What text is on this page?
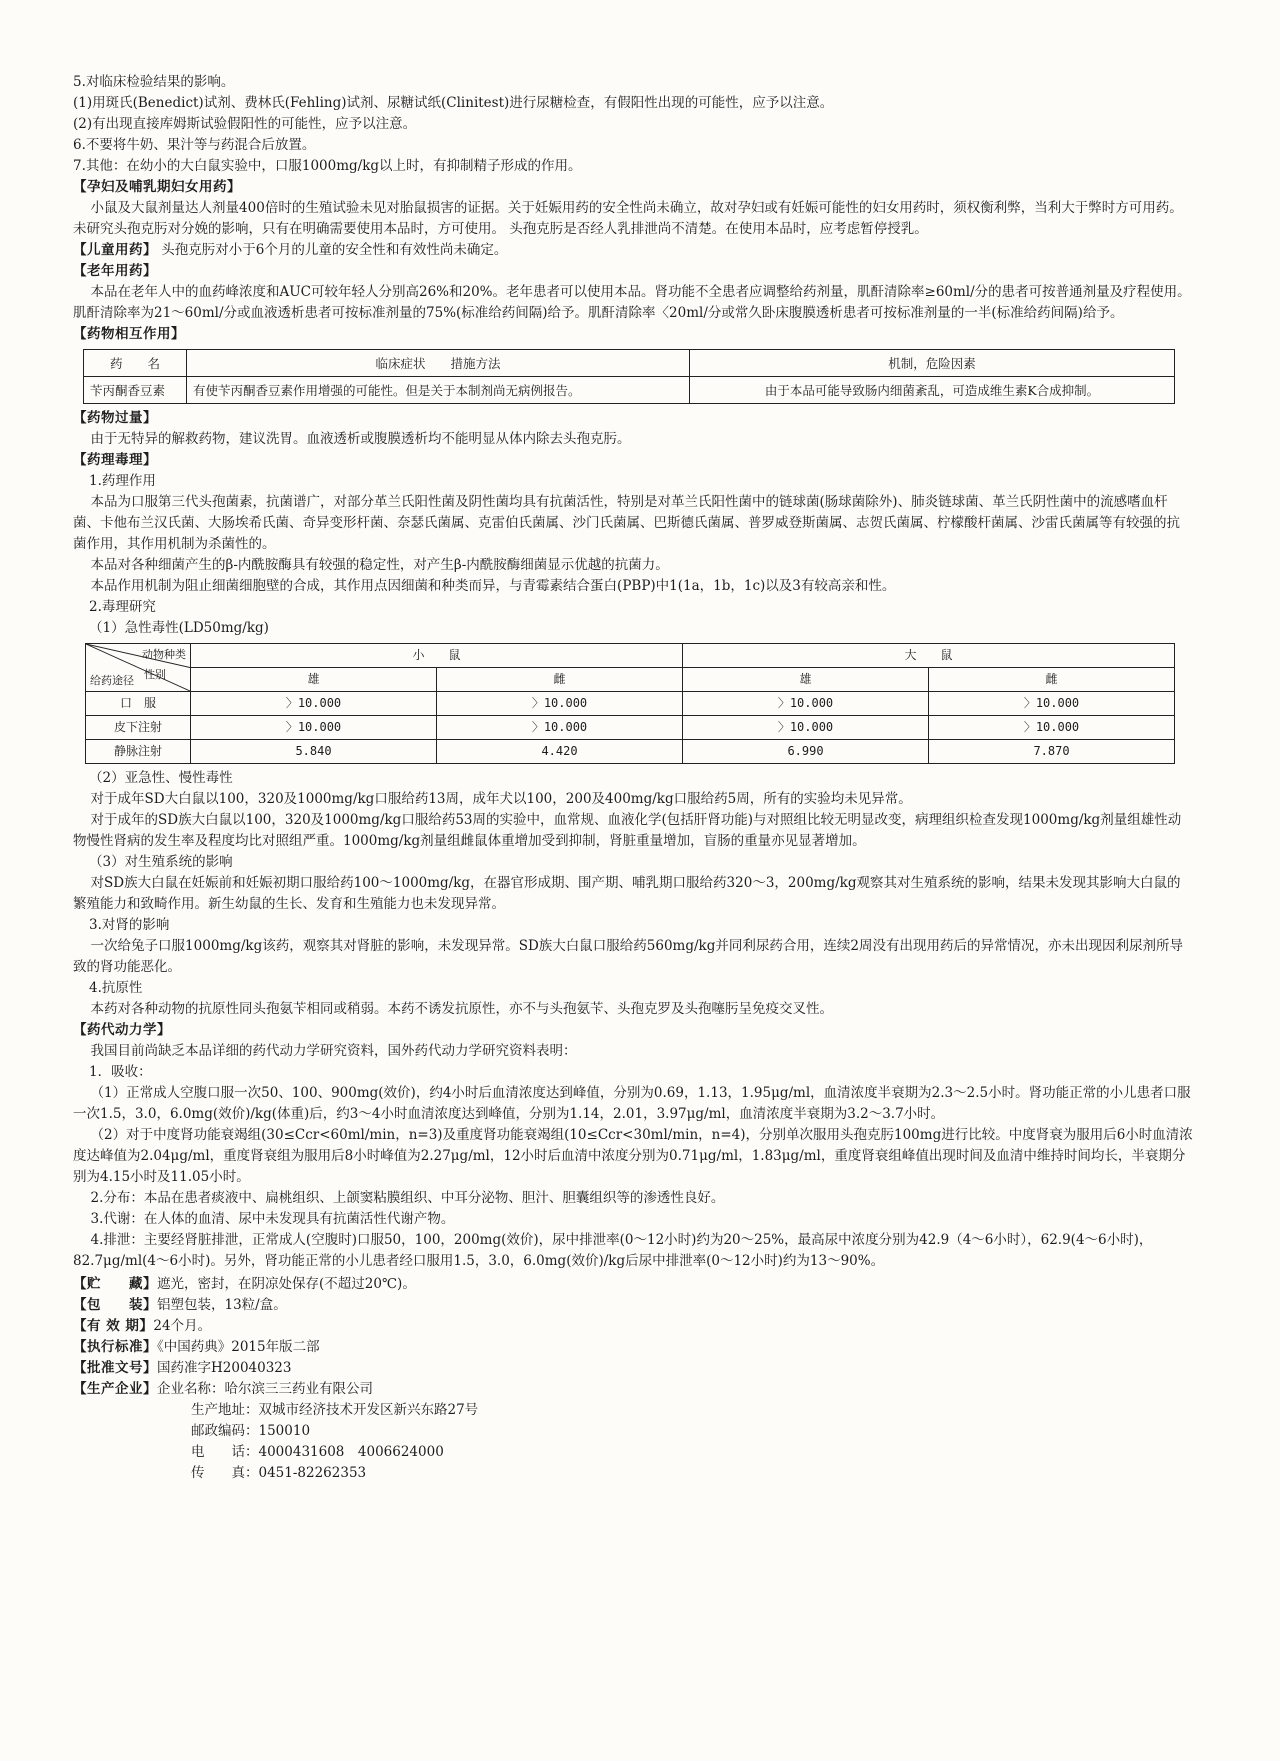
5.对临床检验结果的影响。

(1)用斑氏(Benedict)试剂、费林氏(Fehling)试剂、尿糖试纸(Clinitest)进行尿糖检查，有假阳性出现的可能性，应予以注意。

(2)有出现直接库姆斯试验假阳性的可能性，应予以注意。

6.不要将牛奶、果汁等与药混合后放置。

7.其他：在幼小的大白鼠实验中，口服1000mg/kg以上时，有抑制精子形成的作用。

【孕妇及哺乳期妇女用药】

小鼠及大鼠剂量达人剂量400倍时的生殖试验未见对胎鼠损害的证据。关于妊娠用药的安全性尚未确立，故对孕妇或有妊娠可能性的妇女用药时，须权衡利弊，当利大于弊时方可用药。未研究头孢克肟对分娩的影响，只有在明确需要使用本品时，方可使用。 头孢克肟是否经人乳排泄尚不清楚。在使用本品时，应考虑暂停授乳。

【儿童用药】 头孢克肟对小于6个月的儿童的安全性和有效性尚未确定。

【老年用药】

本品在老年人中的血药峰浓度和AUC可较年轻人分别高26%和20%。老年患者可以使用本品。肾功能不全患者应调整给药剂量，肌酐清除率≥60ml/分的患者可按普通剂量及疗程使用。肌酐清除率为21～60ml/分或血液透析患者可按标准剂量的75%(标准给药间隔)给予。肌酐清除率〈20ml/分或常久卧床腹膜透析患者可按标准剂量的一半(标准给药间隔)给予。

【药物相互作用】

药　　名	临床症状　　措施方法	机制，危险因素
苄丙酮香豆素	有使苄丙酮香豆素作用增强的可能性。但是关于本制剂尚无病例报告。	由于本品可能导致肠内细菌紊乱，可造成维生素K合成抑制。

【药物过量】

由于无特异的解救药物，建议洗胃。血液透析或腹膜透析均不能明显从体内除去头孢克肟。

【药理毒理】

1.药理作用

本品为口服第三代头孢菌素，抗菌谱广，对部分革兰氏阳性菌及阴性菌均具有抗菌活性，特别是对革兰氏阳性菌中的链球菌(肠球菌除外)、肺炎链球菌、革兰氏阴性菌中的流感嗜血杆菌、卡他布兰汉氏菌、大肠埃希氏菌、奇异变形杆菌、奈瑟氏菌属、克雷伯氏菌属、沙门氏菌属、巴斯德氏菌属、普罗威登斯菌属、志贺氏菌属、柠檬酸杆菌属、沙雷氏菌属等有较强的抗菌作用，其作用机制为杀菌性的。

本品对各种细菌产生的β-内酰胺酶具有较强的稳定性，对产生β-内酰胺酶细菌显示优越的抗菌力。

本品作用机制为阻止细菌细胞壁的合成，其作用点因细菌和种类而异，与青霉素结合蛋白(PBP)中1(1a，1b，1c)以及3有较高亲和性。

2.毒理研究

（1）急性毒性(LD50mg/kg)

动物种类
性别
给药途径	小　　鼠		大　　鼠	
	雄	雌	雄	雌
口　服	〉10.000	〉10.000	〉10.000	〉10.000
皮下注射	〉10.000	〉10.000	〉10.000	〉10.000
静脉注射	5.840	4.420	6.990	7.870

（2）亚急性、慢性毒性

对于成年SD大白鼠以100，320及1000mg/kg口服给药13周，成年犬以100，200及400mg/kg口服给药5周，所有的实验均未见异常。

对于成年的SD族大白鼠以100，320及1000mg/kg口服给药53周的实验中，血常规、血液化学(包括肝肾功能)与对照组比较无明显改变，病理组织检查发现1000mg/kg剂量组雄性动物慢性肾病的发生率及程度均比对照组严重。1000mg/kg剂量组雌鼠体重增加受到抑制，肾脏重量增加，盲肠的重量亦见显著增加。

（3）对生殖系统的影响

对SD族大白鼠在妊娠前和妊娠初期口服给药100～1000mg/kg，在器官形成期、围产期、哺乳期口服给药320～3，200mg/kg观察其对生殖系统的影响，结果未发现其影响大白鼠的繁殖能力和致畸作用。新生幼鼠的生长、发育和生殖能力也未发现异常。

3.对肾的影响

一次给兔子口服1000mg/kg该药，观察其对肾脏的影响，未发现异常。SD族大白鼠口服给药560mg/kg并同利尿药合用，连续2周没有出现用药后的异常情况，亦未出现因利尿剂所导致的肾功能恶化。

4.抗原性

本药对各种动物的抗原性同头孢氨苄相同或稍弱。本药不诱发抗原性，亦不与头孢氨苄、头孢克罗及头孢噻肟呈免疫交叉性。

【药代动力学】

我国目前尚缺乏本品详细的药代动力学研究资料，国外药代动力学研究资料表明：

1．吸收：

（1）正常成人空腹口服一次50、100、900mg(效价)，约4小时后血清浓度达到峰值，分别为0.69，1.13，1.95μg/ml，血清浓度半衰期为2.3～2.5小时。肾功能正常的小儿患者口服一次1.5，3.0，6.0mg(效价)/kg(体重)后，约3～4小时血清浓度达到峰值，分别为1.14，2.01，3.97μg/ml，血清浓度半衰期为3.2～3.7小时。

（2）对于中度肾功能衰竭组(30≤Ccr<60ml/min，n=3)及重度肾功能衰竭组(10≤Ccr<30ml/min，n=4)，分别单次服用头孢克肟100mg进行比较。中度肾衰为服用后6小时血清浓度达峰值为2.04μg/ml，重度肾衰组为服用后8小时峰值为2.27μg/ml，12小时后血清中浓度分别为0.71μg/ml，1.83μg/ml，重度肾衰组峰值出现时间及血清中维持时间均长，半衰期分别为4.15小时及11.05小时。

2.分布：本品在患者痰液中、扁桃组织、上颌窦粘膜组织、中耳分泌物、胆汁、胆囊组织等的渗透性良好。

3.代谢：在人体的血清、尿中未发现具有抗菌活性代谢产物。

4.排泄：主要经肾脏排泄，正常成人(空腹时)口服50，100，200mg(效价)，尿中排泄率(0～12小时)约为20～25%，最高尿中浓度分别为42.9（4～6小时），62.9(4～6小时)，82.7μg/ml(4～6小时)。另外，肾功能正常的小儿患者经口服用1.5，3.0，6.0mg(效价)/kg后尿中排泄率(0～12小时)约为13～90%。

【贮　　藏】遮光，密封，在阴凉处保存(不超过20℃)。

【包　　装】铝塑包装，13粒/盒。

【有 效 期】24个月。

【执行标准】《中国药典》2015年版二部

【批准文号】国药准字H20040323

【生产企业】企业名称：哈尔滨三三药业有限公司

生产地址：双城市经济技术开发区新兴东路27号

邮政编码：150010

电　　话：4000431608　4006624000

传　　真：0451-82262353
